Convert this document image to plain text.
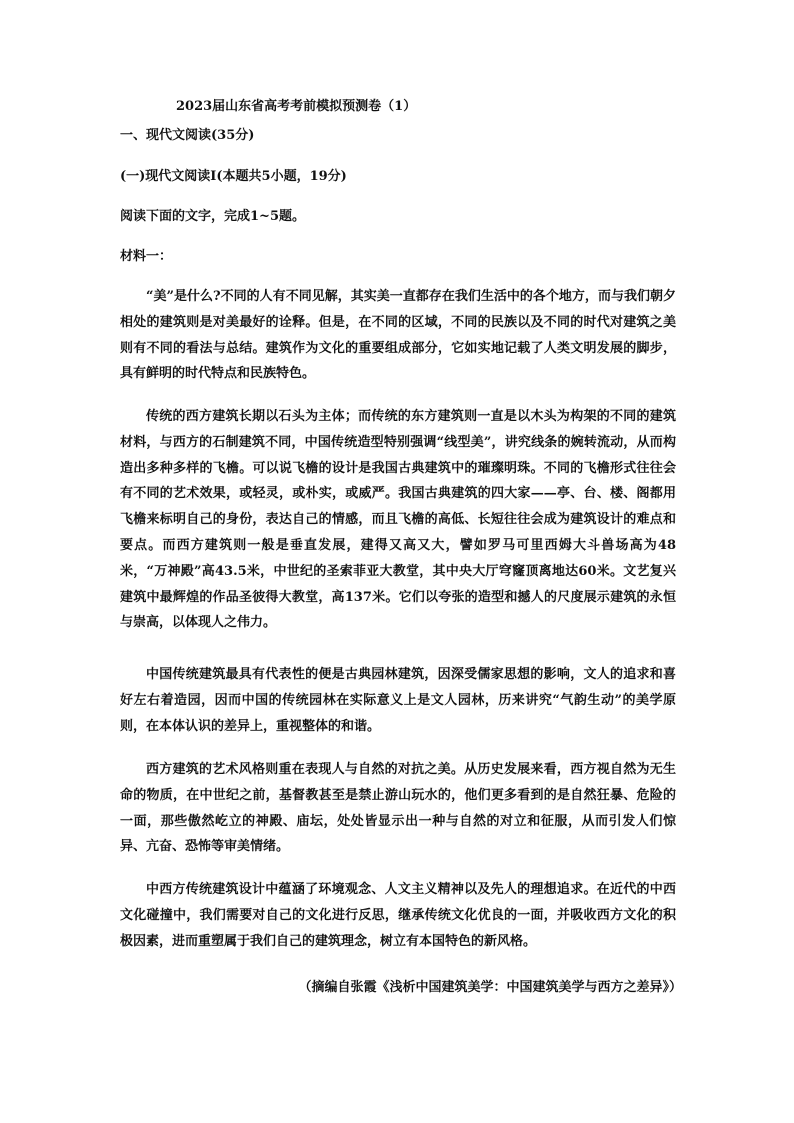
2023届山东省高考考前模拟预测卷（1）
一、现代文阅读(35分)
(一)现代文阅读Ⅰ(本题共5小题，19分)
阅读下面的文字，完成1~5题。
材料一：

“美”是什么?不同的人有不同见解，其实美一直都存在我们生活中的各个地方，而与我们朝夕相处的建筑则是对美最好的诠释。但是，在不同的区域，不同的民族以及不同的时代对建筑之美则有不同的看法与总结。建筑作为文化的重要组成部分，它如实地记载了人类文明发展的脚步，具有鲜明的时代特点和民族特色。

传统的西方建筑长期以石头为主体；而传统的东方建筑则一直是以木头为构架的不同的建筑材料，与西方的石制建筑不同，中国传统造型特别强调“线型美”，讲究线条的婉转流动，从而构造出多种多样的飞檐。可以说飞檐的设计是我国古典建筑中的璀璨明珠。不同的飞檐形式往往会有不同的艺术效果，或轻灵，或朴实，或威严。我国古典建筑的四大家——亭、台、楼、阁都用飞檐来标明自己的身份，表达自己的情感，而且飞檐的高低、长短往往会成为建筑设计的难点和要点。而西方建筑则一般是垂直发展，建得又高又大，譬如罗马可里西姆大斗兽场高为48米，“万神殿”高43.5米，中世纪的圣索菲亚大教堂，其中央大厅穹窿顶离地达60米。文艺复兴建筑中最辉煌的作品圣彼得大教堂，高137米。它们以夸张的造型和撼人的尺度展示建筑的永恒与崇高，以体现人之伟力。

中国传统建筑最具有代表性的便是古典园林建筑，因深受儒家思想的影响，文人的追求和喜好左右着造园，因而中国的传统园林在实际意义上是文人园林，历来讲究“气韵生动”的美学原则，在本体认识的差异上，重视整体的和谐。

西方建筑的艺术风格则重在表现人与自然的对抗之美。从历史发展来看，西方视自然为无生命的物质，在中世纪之前，基督教甚至是禁止游山玩水的，他们更多看到的是自然狂暴、危险的一面，那些傲然屹立的神殿、庙坛，处处皆显示出一种与自然的对立和征服，从而引发人们惊异、亢奋、恐怖等审美情绪。

中西方传统建筑设计中蕴涵了环境观念、人文主义精神以及先人的理想追求。在近代的中西文化碰撞中，我们需要对自己的文化进行反思，继承传统文化优良的一面，并吸收西方文化的积极因素，进而重塑属于我们自己的建筑理念，树立有本国特色的新风格。

（摘编自张霞《浅析中国建筑美学：中国建筑美学与西方之差异》）
